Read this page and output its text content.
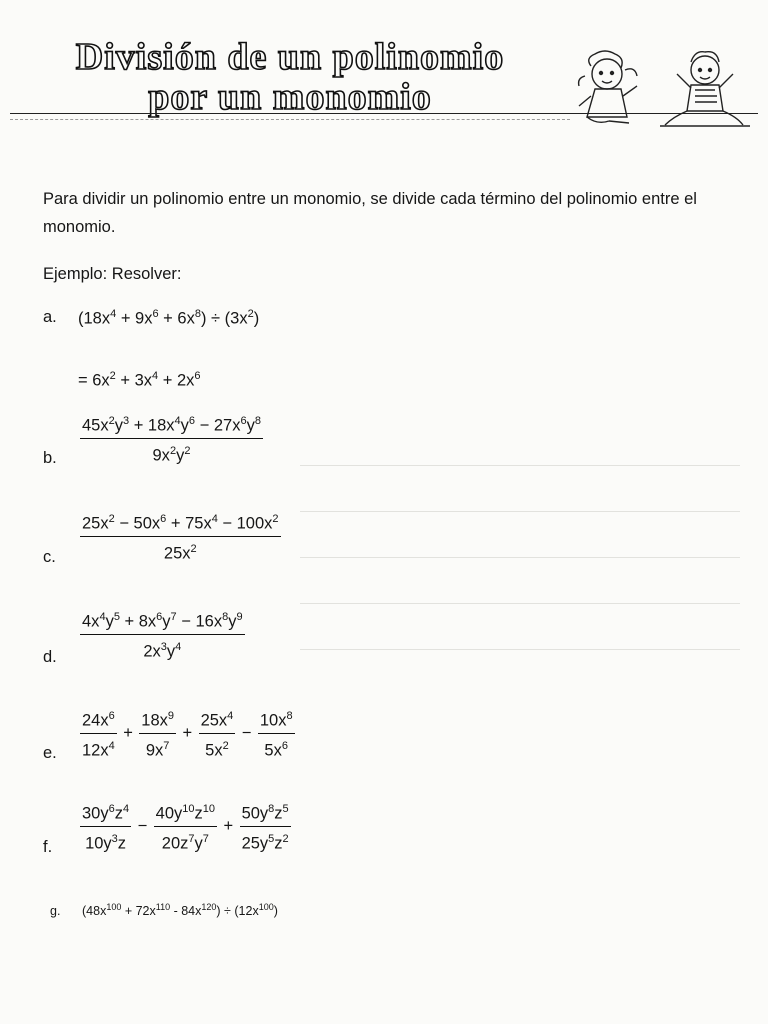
División de un polinomio
por un monomio
Para dividir un polinomio entre un monomio, se divide cada término del polinomio entre el monomio.
Ejemplo: Resolver:
a. $(18x^4 + 9x^6 + 6x^8) \div (3x^2)$
= $6x^2 + 3x^4 + 2x^6$
b. $\frac{45x^2y^3 + 18x^4y^6 - 27x^6y^8}{9x^2y^2}$
c. $\frac{25x^2 - 50x^6 + 75x^4 - 100x^2}{25x^2}$
d. $\frac{4x^4y^5 + 8x^6y^7 - 16x^8y^9}{2x^3y^4}$
e. $\frac{24x^6}{12x^4} + \frac{18x^9}{9x^7} + \frac{25x^4}{5x^2} - \frac{10x^8}{5x^6}$
f. $\frac{30y^6z^4}{10y^3z} - \frac{40y^{10}z^{10}}{20z^7y^7} + \frac{50y^8z^5}{25y^5z^2}$
g. $(48x^{100} + 72x^{110} - 84x^{120}) \div (12x^{100})$
